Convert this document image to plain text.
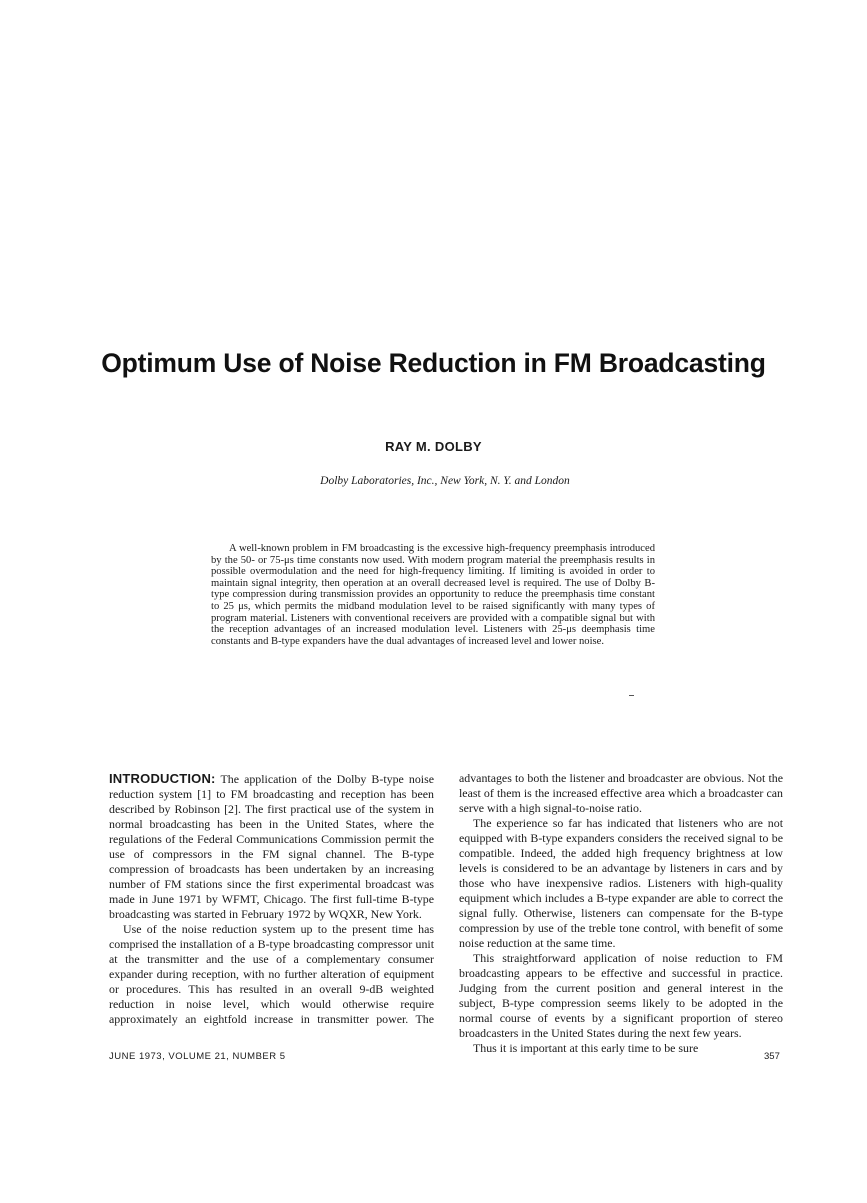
Optimum Use of Noise Reduction in FM Broadcasting
RAY M. DOLBY
Dolby Laboratories, Inc., New York, N. Y. and London

A well-known problem in FM broadcasting is the excessive high-frequency preemphasis introduced by the 50- or 75-μs time constants now used. With modern program material the preemphasis results in possible overmodulation and the need for high-frequency limiting. If limiting is avoided in order to maintain signal integrity, then operation at an overall decreased level is required. The use of Dolby B-type compression during transmission provides an opportunity to reduce the preemphasis time constant to 25 μs, which permits the midband modulation level to be raised significantly with many types of program material. Listeners with conventional receivers are provided with a compatible signal but with the reception advantages of an increased modulation level. Listeners with 25-μs deemphasis time constants and B-type expanders have the dual advantages of increased level and lower noise.

INTRODUCTION: The application of the Dolby B-type noise reduction system [1] to FM broadcasting and reception has been described by Robinson [2]. The first practical use of the system in normal broadcasting has been in the United States, where the regulations of the Federal Communications Commission permit the use of compressors in the FM signal channel. The B-type compression of broadcasts has been undertaken by an increasing number of FM stations since the first experimental broadcast was made in June 1971 by WFMT, Chicago. The first full-time B-type broadcasting was started in February 1972 by WQXR, New York.

Use of the noise reduction system up to the present time has comprised the installation of a B-type broadcasting compressor unit at the transmitter and the use of a complementary consumer expander during reception, with no further alteration of equipment or procedures. This has resulted in an overall 9-dB weighted reduction in noise level, which would otherwise require approximately an eightfold increase in transmitter power. The

advantages to both the listener and broadcaster are obvious. Not the least of them is the increased effective area which a broadcaster can serve with a high signal-to-noise ratio.

The experience so far has indicated that listeners who are not equipped with B-type expanders considers the received signal to be compatible. Indeed, the added high frequency brightness at low levels is considered to be an advantage by listeners in cars and by those who have inexpensive radios. Listeners with high-quality equipment which includes a B-type expander are able to correct the signal fully. Otherwise, listeners can compensate for the B-type compression by use of the treble tone control, with benefit of some noise reduction at the same time.

This straightforward application of noise reduction to FM broadcasting appears to be effective and successful in practice. Judging from the current position and general interest in the subject, B-type compression seems likely to be adopted in the normal course of events by a significant proportion of stereo broadcasters in the United States during the next few years.

Thus it is important at this early time to be sure

JUNE 1973, VOLUME 21, NUMBER 5	357
